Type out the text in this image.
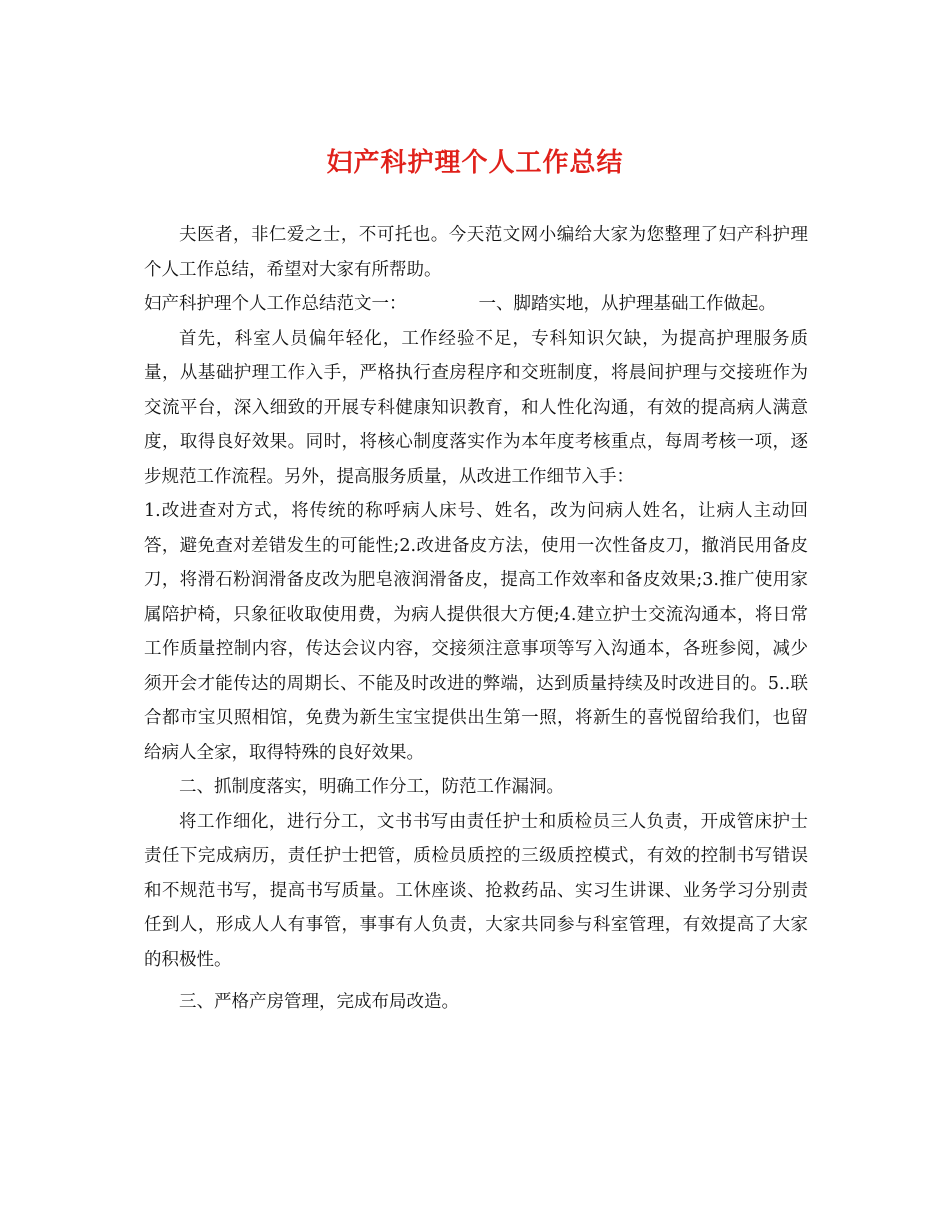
妇产科护理个人工作总结

夫医者，非仁爱之士，不可托也。今天范文网小编给大家为您整理了妇产科护理个人工作总结，希望对大家有所帮助。

妇产科护理个人工作总结范文一：	一、脚踏实地，从护理基础工作做起。

首先，科室人员偏年轻化，工作经验不足，专科知识欠缺，为提高护理服务质量，从基础护理工作入手，严格执行查房程序和交班制度，将晨间护理与交接班作为交流平台，深入细致的开展专科健康知识教育，和人性化沟通，有效的提高病人满意度，取得良好效果。同时，将核心制度落实作为本年度考核重点，每周考核一项，逐步规范工作流程。另外，提高服务质量，从改进工作细节入手：

1.改进查对方式，将传统的称呼病人床号、姓名，改为问病人姓名，让病人主动回答，避免查对差错发生的可能性;2.改进备皮方法，使用一次性备皮刀，撤消民用备皮刀，将滑石粉润滑备皮改为肥皂液润滑备皮，提高工作效率和备皮效果;3.推广使用家属陪护椅，只象征收取使用费，为病人提供很大方便;4.建立护士交流沟通本，将日常工作质量控制内容，传达会议内容，交接须注意事项等写入沟通本，各班参阅，减少须开会才能传达的周期长、不能及时改进的弊端，达到质量持续及时改进目的。5..联合都市宝贝照相馆，免费为新生宝宝提供出生第一照，将新生的喜悦留给我们，也留给病人全家，取得特殊的良好效果。

二、抓制度落实，明确工作分工，防范工作漏洞。

将工作细化，进行分工，文书书写由责任护士和质检员三人负责，开成管床护士责任下完成病历，责任护士把管，质检员质控的三级质控模式，有效的控制书写错误和不规范书写，提高书写质量。工休座谈、抢救药品、实习生讲课、业务学习分别责任到人，形成人人有事管，事事有人负责，大家共同参与科室管理，有效提高了大家的积极性。

三、严格产房管理，完成布局改造。
